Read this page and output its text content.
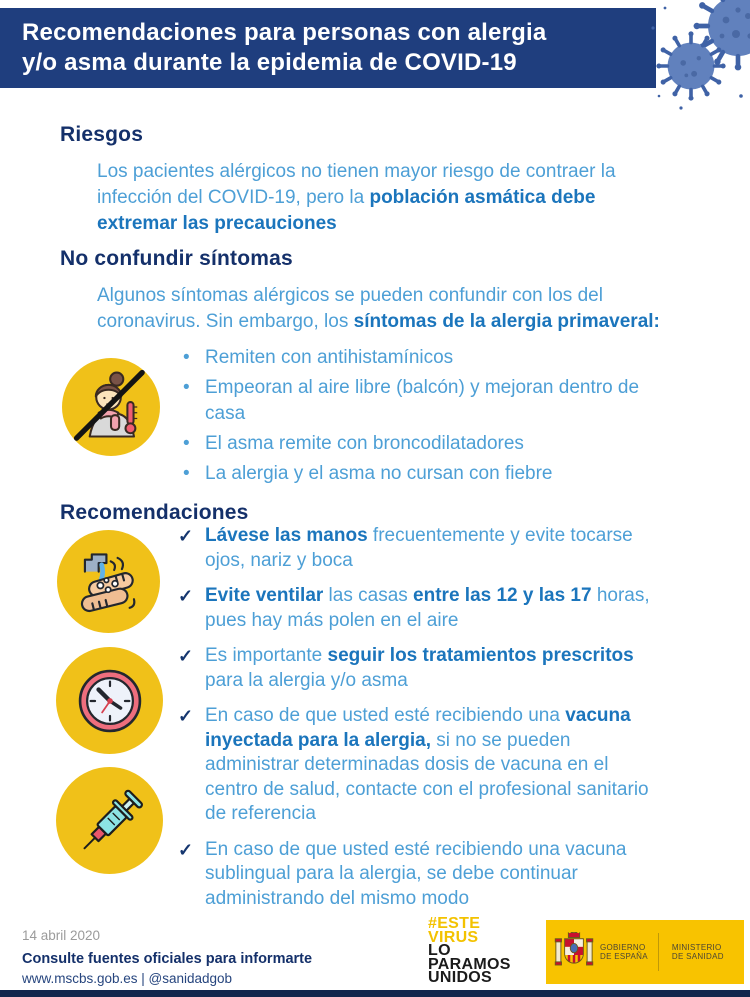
Recomendaciones para personas con alergia
y/o asma durante la epidemia de COVID-19
Riesgos

Los pacientes alérgicos no tienen mayor riesgo de contraer la infección del COVID-19, pero la población asmática debe extremar las precauciones

No confundir síntomas

Algunos síntomas alérgicos se pueden confundir con los del coronavirus. Sin embargo, los síntomas de la alergia primaveral:

• Remiten con antihistamínicos
• Empeoran al aire libre (balcón) y mejoran dentro de casa
• El asma remite con broncodilatadores
• La alergia y el asma no cursan con fiebre
Recomendaciones
✓ Lávese las manos frecuentemente y evite tocarse ojos, nariz y boca
✓ Evite ventilar las casas entre las 12 y las 17 horas, pues hay más polen en el aire
✓ Es importante seguir los tratamientos prescritos para la alergia y/o asma
✓ En caso de que usted esté recibiendo una vacuna inyectada para la alergia, si no se pueden administrar determinadas dosis de vacuna en el centro de salud, contacte con el profesional sanitario de referencia
✓ En caso de que usted esté recibiendo una vacuna sublingual para la alergia, se debe continuar administrando del mismo modo
14 abril 2020
Consulte fuentes oficiales para informarte
www.mscbs.gob.es | @sanidadgob
#ESTE
VIRUS
LO
PARAMOS
UNIDOS
GOBIERNO
DE ESPAÑA
MINISTERIO
DE SANIDAD
